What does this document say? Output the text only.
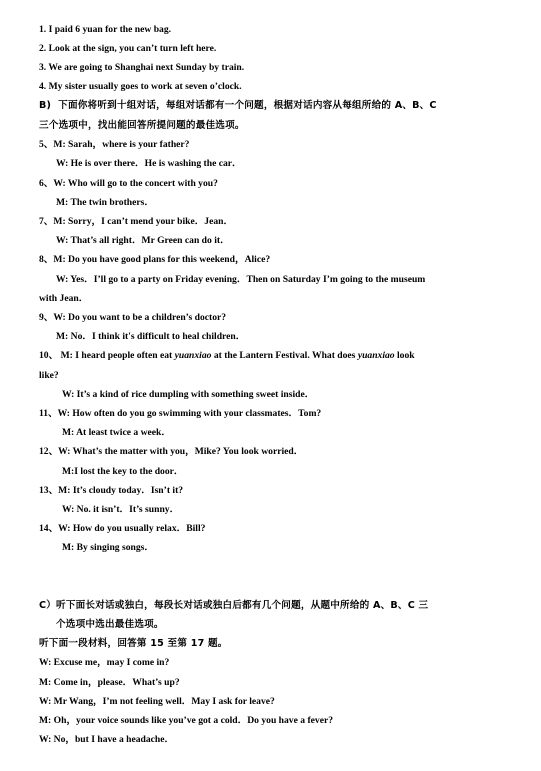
1. I paid 6 yuan for the new bag.
2. Look at the sign, you can’t turn left here.
3. We are going to Shanghai next Sunday by train.
4. My sister usually goes to work at seven o’clock.
B)  下面你将听到十组对话，每组对话都有一个问题，根据对话内容从每组所给的 A、B、C
三个选项中，找出能回答所提问题的最佳选项。
5、M: Sarah，where is your father?
W: He is over there．He is washing the car．
6、W: Who will go to the concert with you?
M: The twin brothers．
7、M: Sorry，I can’t mend your bike．Jean．
W: That’s all right．Mr Green can do it．
8、M: Do you have good plans for this weekend，Alice?
W: Yes．I’ll go to a party on Friday evening．Then on Saturday I’m going to the museum
with Jean．
9、W: Do you want to be a children’s doctor?
M: No．I think it's difficult to heal children．
10、 M: I heard people often eat yuanxiao at the Lantern Festival. What does yuanxiao look
like?
W: It’s a kind of rice dumpling with something sweet inside．
11、W: How often do you go swimming with your classmates．Tom?
M: At least twice a week．
12、W: What’s the matter with you，Mike? You look worried．
M:I lost the key to the door．
13、M: It’s cloudy today．Isn’t it?
W: No. it isn’t．It’s sunny．
14、W: How do you usually relax．Bill?
M: By singing songs．
C）听下面长对话或独白，每段长对话或独白后都有几个问题，从题中所给的 A、B、C 三
个选项中选出最佳选项。
听下面一段材料，回答第 15 至第 17 题。
W: Excuse me，may I come in?
M: Come in，please．What’s up?
W: Mr Wang，I’m not feeling well．May I ask for leave?
M: Oh，your voice sounds like you’ve got a cold．Do you have a fever?
W: No，but I have a headache．
